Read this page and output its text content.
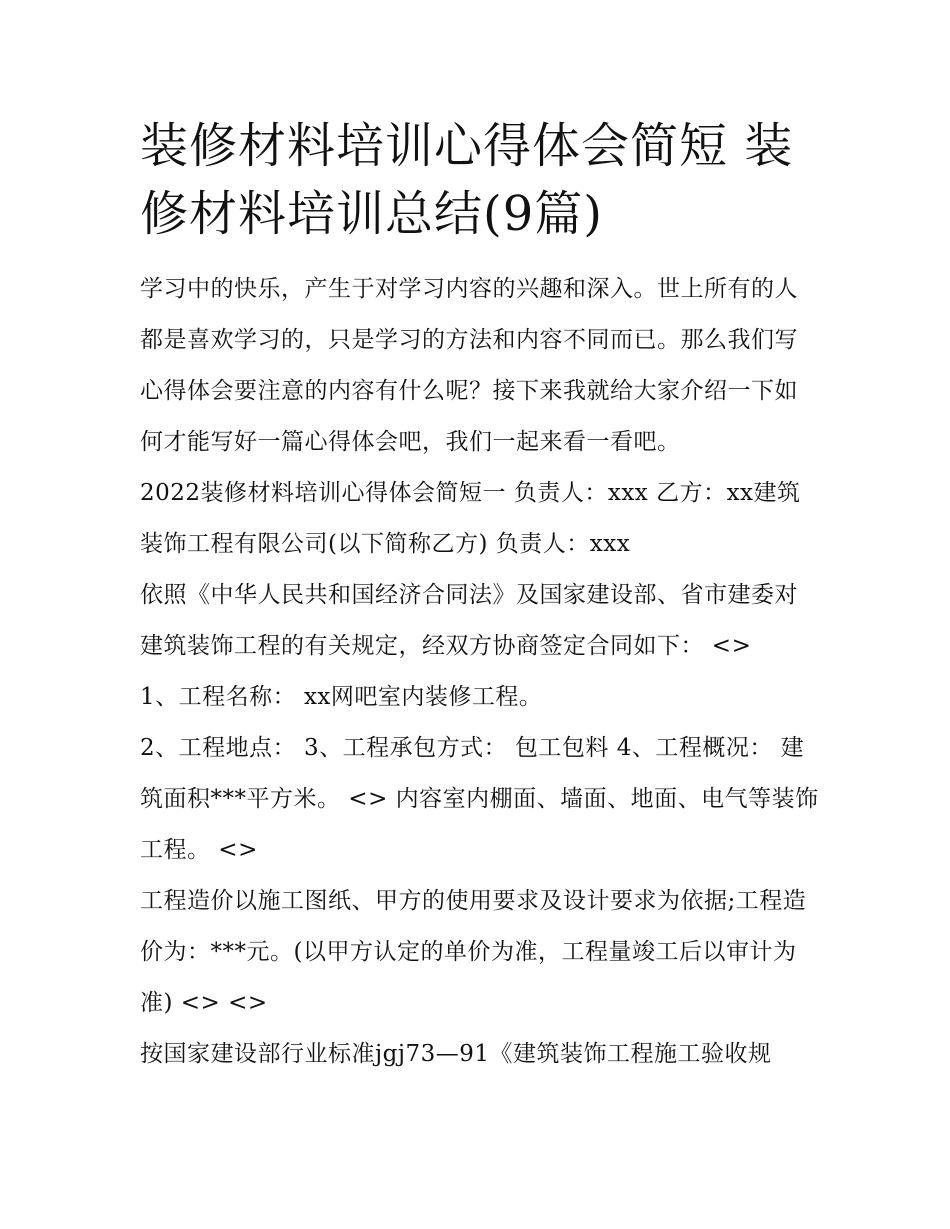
装修材料培训心得体会简短 装修材料培训总结(9篇)

学习中的快乐，产生于对学习内容的兴趣和深入。世上所有的人都是喜欢学习的，只是学习的方法和内容不同而已。那么我们写心得体会要注意的内容有什么呢？接下来我就给大家介绍一下如何才能写好一篇心得体会吧，我们一起来看一看吧。

2022装修材料培训心得体会简短一 负责人：xxx 乙方：xx建筑装饰工程有限公司(以下简称乙方) 负责人：xxx

依照《中华人民共和国经济合同法》及国家建设部、省市建委对建筑装饰工程的有关规定，经双方协商签定合同如下： <>

1、工程名称： xx网吧室内装修工程。

2、工程地点： 3、工程承包方式： 包工包料 4、工程概况： 建筑面积***平方米。 <> 内容室内棚面、墙面、地面、电气等装饰工程。 <>

工程造价以施工图纸、甲方的使用要求及设计要求为依据;工程造价为：***元。(以甲方认定的单价为准，工程量竣工后以审计为准) <> <>

按国家建设部行业标准jgj73—91《建筑装饰工程施工验收规
